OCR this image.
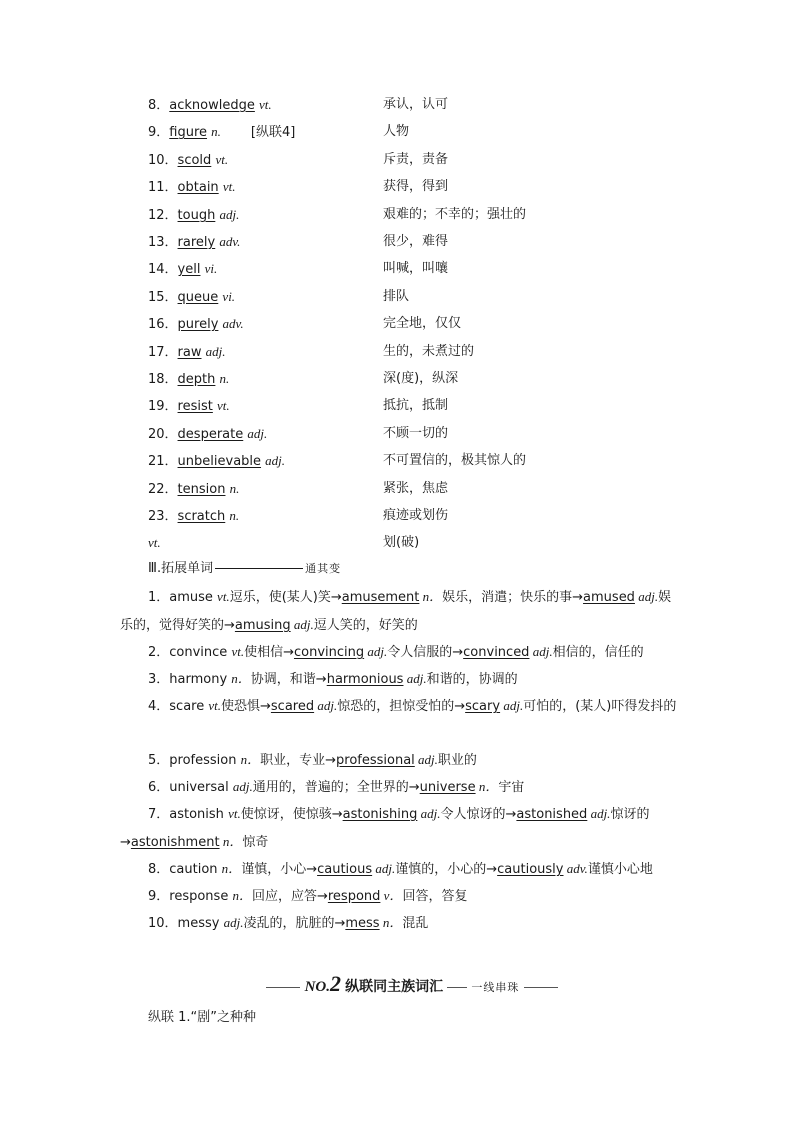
8．acknowledge vt.	承认，认可
9．figure n. [纵联4]	人物
10．scold vt.	斥责，责备
11．obtain vt.	获得，得到
12．tough adj.	艰难的；不幸的；强壮的
13．rarely adv.	很少，难得
14．yell vi.	叫喊，叫嚷
15．queue vi.	排队
16．purely adv.	完全地，仅仅
17．raw adj.	生的，未煮过的
18．depth n.	深(度)，纵深
19．resist vt.	抵抗，抵制
20．desperate adj.	不顾一切的
21．unbelievable adj.	不可置信的，极其惊人的
22．tension n.	紧张，焦虑
23．scratch n.	痕迹或划伤
vt.	划(破)
Ⅲ.拓展单词	通其变
1．amuse vt.逗乐，使(某人)笑→amusement n．娱乐，消遣；快乐的事→amused adj.娱乐的，觉得好笑的→amusing adj.逗人笑的，好笑的
2．convince vt.使相信→convincing adj.令人信服的→convinced adj.相信的，信任的
3．harmony n．协调，和谐→harmonious adj.和谐的，协调的
4．scare vt.使恐惧→scared adj.惊恐的，担惊受怕的→scary adj.可怕的，(某人)吓得发抖的
5．profession n．职业，专业→professional adj.职业的
6．universal adj.通用的，普遍的；全世界的→universe n．宇宙
7．astonish vt.使惊讶，使惊骇→astonishing adj.令人惊讶的→astonished adj.惊讶的→astonishment n．惊奇
8．caution n．谨慎，小心→cautious adj.谨慎的，小心的→cautiously adv.谨慎小心地
9．response n．回应，应答→respond v．回答，答复
10．messy adj.凌乱的，肮脏的→mess n．混乱
NO.2 纵联同主族词汇	一线串珠
纵联 1.“剧”之种种
